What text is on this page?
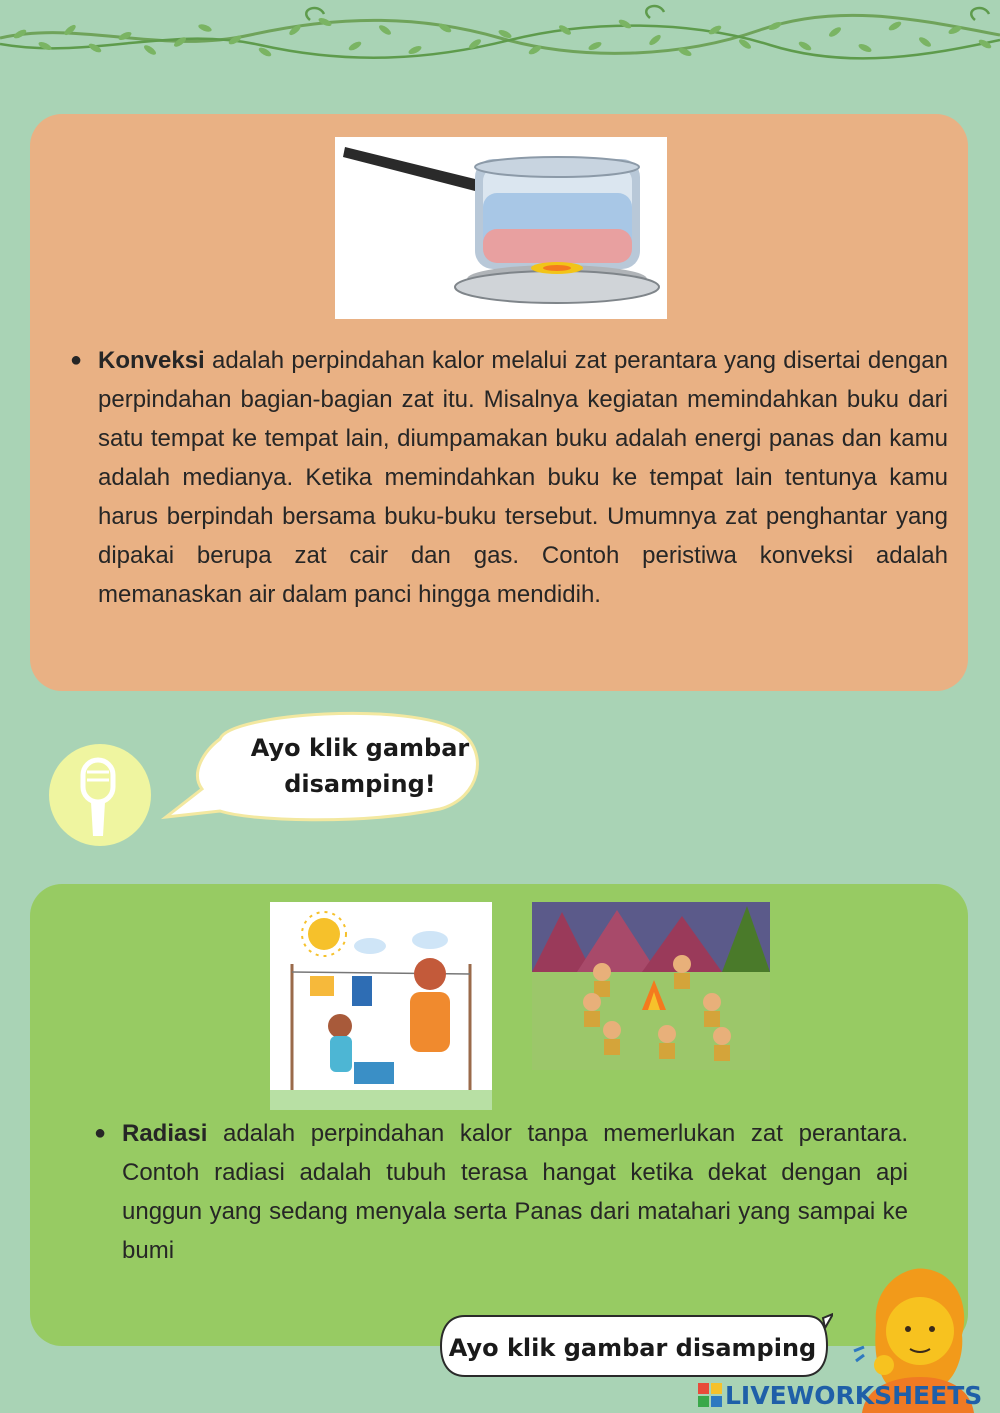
● Konveksi adalah perpindahan kalor melalui zat perantara yang disertai dengan perpindahan bagian-bagian zat itu. Misalnya kegiatan memindahkan buku dari satu tempat ke tempat lain, diumpamakan buku adalah energi panas dan kamu adalah medianya. Ketika memindahkan buku ke tempat lain tentunya kamu harus berpindah bersama buku-buku tersebut. Umumnya zat penghantar yang dipakai berupa zat cair dan gas. Contoh peristiwa konveksi adalah memanaskan air dalam panci hingga mendidih.

Ayo klik gambar
disamping!

● Radiasi adalah perpindahan kalor tanpa memerlukan zat perantara. Contoh radiasi adalah tubuh terasa hangat ketika dekat dengan api unggun yang sedang menyala serta Panas dari matahari yang sampai ke bumi

Ayo klik gambar disamping
LIVEWORKSHEETS
